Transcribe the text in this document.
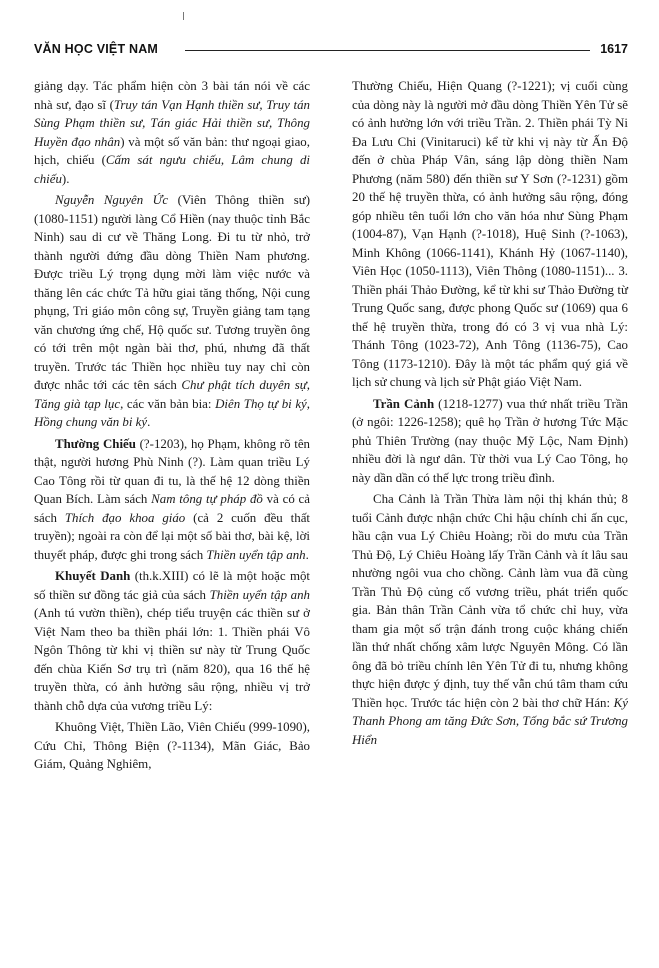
VĂN HỌC VIỆT NAM	1617

giảng dạy. Tác phẩm hiện còn 3 bài tán nói về các nhà sư, đạo sĩ (Truy tán Vạn Hạnh thiền sư, Truy tán Sùng Phạm thiền sư, Tán giác Hải thiền sư, Thông Huyền đạo nhân) và một số văn bản: thư ngoại giao, hịch, chiếu (Cấm sát ngưu chiếu, Lâm chung di chiếu).

Nguyễn Nguyên Ức (Viên Thông thiền sư) (1080-1151) người làng Cổ Hiền (nay thuộc tỉnh Bắc Ninh) sau di cư về Thăng Long. Đi tu từ nhỏ, trở thành người đứng đầu dòng Thiền Nam phương. Được triều Lý trọng dụng mời làm việc nước và thăng lên các chức Tả hữu giai tăng thống, Nội cung phụng, Tri giáo môn công sự, Truyền giảng tam tạng văn chương ứng chế, Hộ quốc sư. Tương truyền ông có tới trên một ngàn bài thơ, phú, nhưng đã thất truyền. Trước tác Thiền học nhiều tuy nay chỉ còn được nhắc tới các tên sách Chư phật tích duyên sự, Tăng già tạp lục, các văn bản bia: Diên Thọ tự bi ký, Hồng chung văn bi ký.

Thường Chiếu (?-1203), họ Phạm, không rõ tên thật, người hương Phù Ninh (?). Làm quan triều Lý Cao Tông rồi từ quan đi tu, là thế hệ 12 dòng thiền Quan Bích. Làm sách Nam tông tự pháp đồ và có cả sách Thích đạo khoa giáo (cả 2 cuốn đều thất truyền); ngoài ra còn để lại một số bài thơ, bài kệ, lời thuyết pháp, được ghi trong sách Thiền uyển tập anh.

Khuyết Danh (th.k.XIII) có lẽ là một hoặc một số thiền sư đồng tác giả của sách Thiền uyển tập anh (Anh tú vườn thiền), chép tiểu truyện các thiền sư ở Việt Nam theo ba thiền phái lớn: 1. Thiền phái Vô Ngôn Thông từ khi vị thiền sư này từ Trung Quốc đến chùa Kiến Sơ trụ trì (năm 820), qua 16 thế hệ truyền thừa, có ảnh hưởng sâu rộng, nhiều vị trở thành chỗ dựa của vương triều Lý:

Khuông Việt, Thiền Lão, Viên Chiếu (999-1090), Cứu Chỉ, Thông Biện (?-1134), Mãn Giác, Bảo Giám, Quảng Nghiêm,

Thường Chiếu, Hiện Quang (?-1221); vị cuối cùng của dòng này là người mở đầu dòng Thiền Yên Tử sẽ có ảnh hưởng lớn với triều Trần. 2. Thiền phái Tỳ Ni Đa Lưu Chi (Vinitaruci) kể từ khi vị này từ Ấn Độ đến ở chùa Pháp Vân, sáng lập dòng thiền Nam Phương (năm 580) đến thiền sư Y Sơn (?-1231) gồm 20 thế hệ truyền thừa, có ảnh hưởng sâu rộng, đóng góp nhiều tên tuổi lớn cho văn hóa như Sùng Phạm (1004-87), Vạn Hạnh (?-1018), Huệ Sinh (?-1063), Minh Không (1066-1141), Khánh Hỷ (1067-1140), Viên Học (1050-1113), Viên Thông (1080-1151)... 3. Thiền phái Thảo Đường, kể từ khi sư Thảo Đường từ Trung Quốc sang, được phong Quốc sư (1069) qua 6 thế hệ truyền thừa, trong đó có 3 vị vua nhà Lý: Thánh Tông (1023-72), Anh Tông (1136-75), Cao Tông (1173-1210). Đây là một tác phẩm quý giá về lịch sử chung và lịch sử Phật giáo Việt Nam.

Trần Cảnh (1218-1277) vua thứ nhất triều Trần (ở ngôi: 1226-1258); quê họ Trần ở hương Tức Mặc phủ Thiên Trường (nay thuộc Mỹ Lộc, Nam Định) nhiều đời là ngư dân. Từ thời vua Lý Cao Tông, họ này dần dần có thế lực trong triều đình.

Cha Cảnh là Trần Thừa làm nội thị khán thủ; 8 tuổi Cảnh được nhận chức Chi hậu chính chi ấn cục, hầu cận vua Lý Chiêu Hoàng; rồi do mưu của Trần Thủ Độ, Lý Chiêu Hoàng lấy Trần Cảnh và ít lâu sau nhường ngôi vua cho chồng. Cảnh làm vua đã cùng Trần Thủ Độ củng cố vương triều, phát triển quốc gia. Bản thân Trần Cảnh vừa tổ chức chỉ huy, vừa tham gia một số trận đánh trong cuộc kháng chiến lần thứ nhất chống xâm lược Nguyên Mông. Có lần ông đã bỏ triều chính lên Yên Tử đi tu, nhưng không thực hiện được ý định, tuy thế vẫn chú tâm tham cứu Thiền học. Trước tác hiện còn 2 bài thơ chữ Hán: Ký Thanh Phong am tăng Đức Sơn, Tống bắc sứ Trương Hiển
